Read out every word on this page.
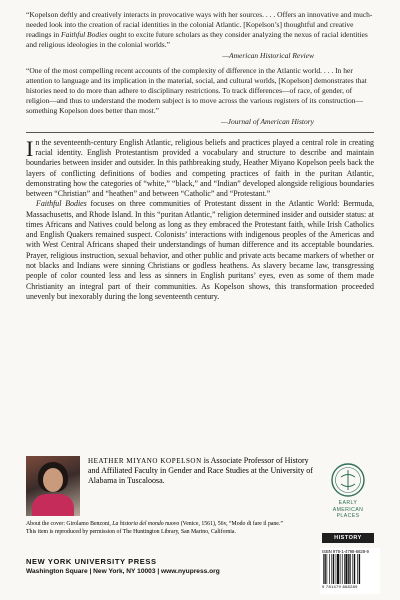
“Kopelson deftly and creatively interacts in provocative ways with her sources. . . . Offers an innovative and much-needed look into the creation of racial identities in the colonial Atlantic. [Kopelson’s] thoughtful and creative readings in Faithful Bodies ought to excite future scholars as they consider analyzing the nexus of racial identities and religious ideologies in the colonial worlds.”

—American Historical Review

“One of the most compelling recent accounts of the complexity of difference in the Atlantic world. . . . In her attention to language and its implication in the material, social, and cultural worlds, [Kopelson] demonstrates that histories need to do more than adhere to disciplinary restrictions. To track differences—of race, of gender, of religion—and thus to understand the modern subject is to move across the various registers of its construction—something Kopelson does better than most.”

—Journal of American History

In the seventeenth-century English Atlantic, religious beliefs and practices played a central role in creating racial identity. English Protestantism provided a vocabulary and structure to describe and maintain boundaries between insider and outsider. In this pathbreaking study, Heather Miyano Kopelson peels back the layers of conflicting definitions of bodies and competing practices of faith in the puritan Atlantic, demonstrating how the categories of “white,” “black,” and “Indian” developed alongside religious boundaries between “Christian” and “heathen” and between “Catholic” and “Protestant.”

Faithful Bodies focuses on three communities of Protestant dissent in the Atlantic World: Bermuda, Massachusetts, and Rhode Island. In this “puritan Atlantic,” religion determined insider and outsider status: at times Africans and Natives could belong as long as they embraced the Protestant faith, while Irish Catholics and English Quakers remained suspect. Colonists’ interactions with indigenous peoples of the Americas and with West Central Africans shaped their understandings of human difference and its acceptable boundaries. Prayer, religious instruction, sexual behavior, and other public and private acts became markers of whether or not blacks and Indians were sinning Christians or godless heathens. As slavery became law, transgressing people of color counted less and less as sinners in English puritans’ eyes, even as some of them made Christianity an integral part of their communities. As Kopelson shows, this transformation proceeded unevenly but inexorably during the long seventeenth century.

HEATHER MIYANO KOPELSON is Associate Professor of History and Affiliated Faculty in Gender and Race Studies at the University of Alabama in Tuscaloosa.

About the cover: Girolamo Benzoni, La historia del mondo nuovo (Venice, 1561), 56v, “Modo di fare il pane.” This item is reproduced by permission of The Huntington Library, San Marino, California.

NEW YORK UNIVERSITY PRESS

Washington Square | New York, NY 10003 | www.nyupress.org

EARLY
AMERICAN
PLACES
HISTORY
ISBN 978-1-4798-6828-9
9 781479 868289
